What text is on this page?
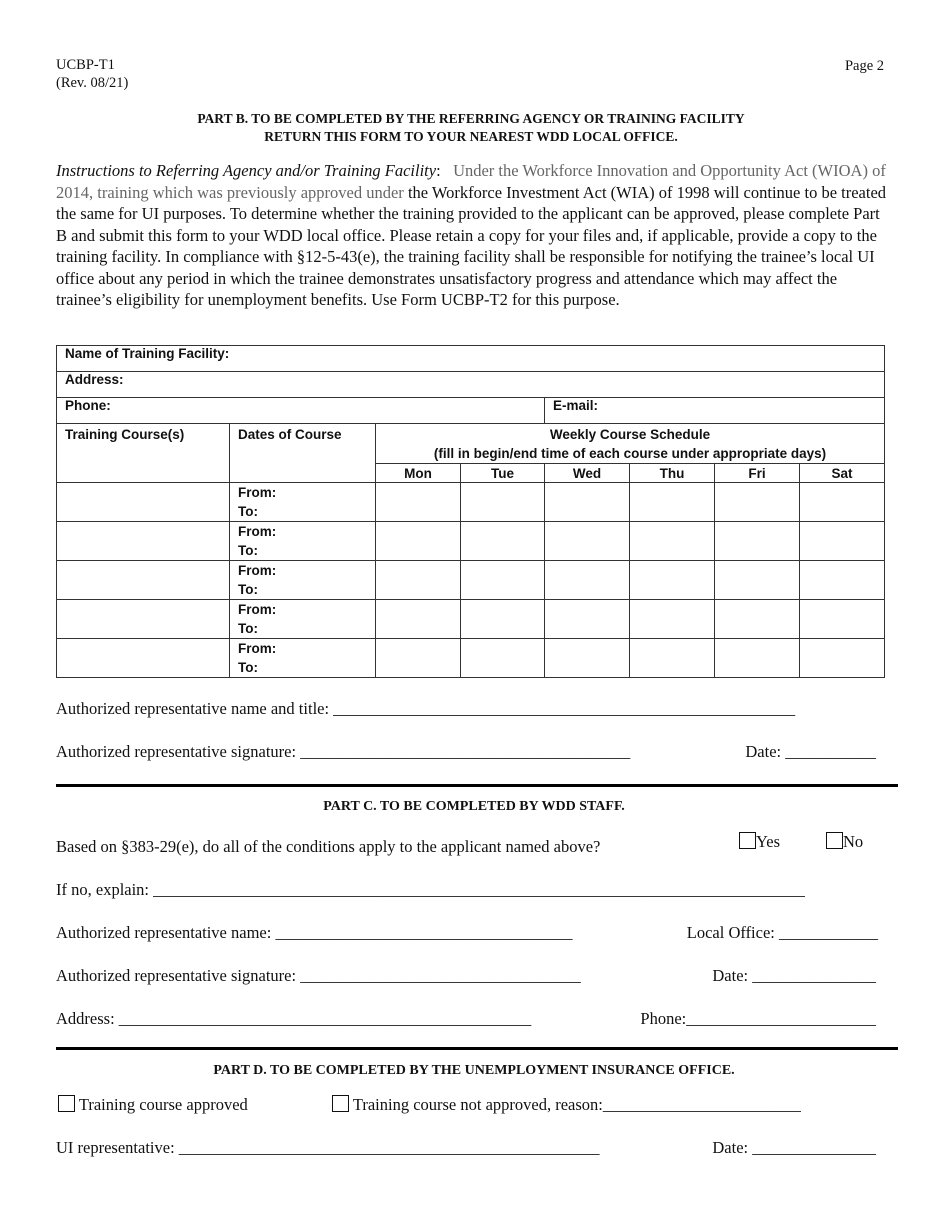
UCBP-T1
(Rev. 08/21)
Page 2
PART B. TO BE COMPLETED BY THE REFERRING AGENCY OR TRAINING FACILITY
RETURN THIS FORM TO YOUR NEAREST WDD LOCAL OFFICE.
Instructions to Referring Agency and/or Training Facility:   Under the Workforce Innovation and Opportunity Act (WIOA) of 2014, training which was previously approved under the Workforce Investment Act (WIA) of 1998 will continue to be treated the same for UI purposes. To determine whether the training provided to the applicant can be approved, please complete Part B and submit this form to your WDD local office. Please retain a copy for your files and, if applicable, provide a copy to the training facility. In compliance with §12-5-43(e), the training facility shall be responsible for notifying the trainee’s local UI office about any period in which the trainee demonstrates unsatisfactory progress and attendance which may affect the trainee’s eligibility for unemployment benefits. Use Form UCBP-T2 for this purpose.
Name of Training Facility:							
Address:							
Phone:				E-mail:			
Training Course(s)	Dates of Course	Weekly Course Schedule
(fill in begin/end time of each course under appropriate days)					

		Mon	Tue	Wed	Thu	Fri	Sat

	From:
To:						

	From:
To:						

	From:
To:						

	From:
To:						

	From:
To:						

Authorized representative name and title: ________________________________________________________
Authorized representative signature: ________________________________________	Date: ___________
PART C. TO BE COMPLETED BY WDD STAFF.
Based on §383-29(e), do all of the conditions apply to the applicant named above?	Yes	No
If no, explain: _______________________________________________________________________________
Authorized representative name: ____________________________________	Local Office: ____________
Authorized representative signature: __________________________________	Date: _______________
Address: __________________________________________________	Phone:_______________________
PART D. TO BE COMPLETED BY THE UNEMPLOYMENT INSURANCE OFFICE.
Training course approved	Training course not approved, reason:________________________
UI representative: ___________________________________________________	Date: _______________
